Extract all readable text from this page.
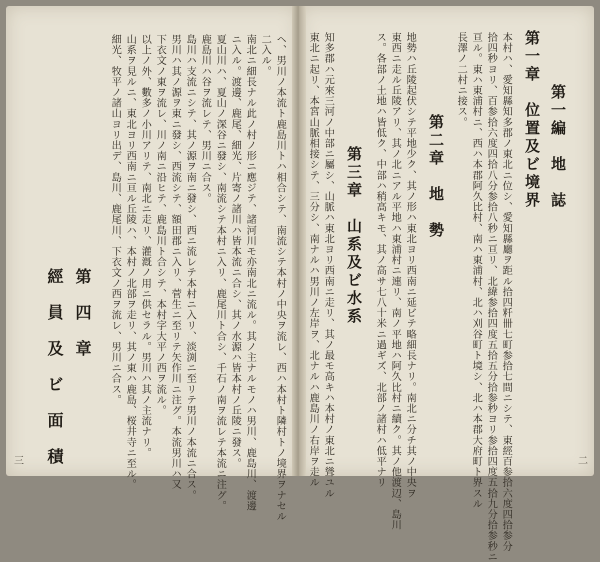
第一編　地　誌
第一章　位置及ビ境界
本村ハ、愛知縣知多郡ノ東北ニ位シ、愛知縣廳ヲ距ル拾四粁卌七町参拾七間ニシテ、東經百参拾六度四拾参分
拾四秒ヨリ、百参拾六度四拾八分参拾八秒ニ亘リ、北緯参拾四度五拾五分拾参秒ヨリ参拾四度五拾九分拾参秒ニ
亘ル。東ハ東浦村ニ、西ハ本郡阿久比村、南ハ東浦村、北ハ刈谷町ト境シ、北ハ本郡大府町ト界スル
長澤ノ二村ニ接ス。
第二章　地　勢
地勢ハ丘陵起伏シテ平地少ク、其ノ形ハ東北ヨリ西南ニ延ビテ略細長ナリ。南北ニ分チ其ノ中央ヲ
東西ニ走ル丘陵アリ、其ノ北ニアル平地ハ東浦村ニ連リ、南ノ平地ハ阿久比村ニ續ク。其ノ他渡辺、島川
ス。各部ノ土地ハ皆低ク、中部ハ稍高キモ、其ノ高サ七八十米ニ過ギズ、北部ノ諸村ハ低平ナリ
第三章　山系及ビ水系
知多郡ハ元來三河ノ中部ニ屬シ、山脈ハ東北ヨリ西南ニ走リ、其ノ最モ高キハ本村ノ東北ニ聳ユル
東北ニ起リ、本宮山脈相接シテ、三分シ、南ナルハ男川ノ左岸ヲ、北ナルハ鹿島川ノ右岸ヲ走ル	二
ヘ、男川ノ本流ト鹿島川トハ相合シテ、南流シテ本村ノ中央ヲ流レ、西ハ本村ト隣村トノ境界ヲナセル
二入ル。
南北ニ細長ナル此ノ村ノ形ニ應ジテ、諸河川モ亦南北ニ流ル。其ノ主ナルモノハ男川、鹿島川、渡邊
ニ入ル。渡邊、鹿尾、細光、片寄ノ諸川ハ皆本流ニ合シ、其ノ水源ハ皆本村ノ丘陵ニ發ス。
夏山川ハ、夏山ノ深谷ニ發シ、南流シテ本村ニ入リ、鹿尾川ト合シ、千石ノ南ヲ流レテ本流ニ注グ。
鹿島川ハ谷ヲ流レテ、男川ニ合ス。
島川ハ支流ニシテ、其ノ源ヲ南ニ發シ、西ニ流レテ本村ニ入リ、淡渕ニ至リテ男川ノ本流ニ合ス。
男川ハ其ノ源ヲ東ニ發シ、西流シテ、額田郡ニ入リ、菅生ニ至リテ矢作川ニ注グ。本流男川ハ又
下衣文ノ東ヲ流レ、川ノ南ニ沿ヒテ、鹿島川ト合シテ、本村字大平ノ西ヲ流ル。
以上ノ外、數多ノ小川アリテ、南北ニ走リ、灌漑ノ用ニ供セラル。男川ハ其ノ主流ナリ。
山系ヲ見ルニ、東北ヨリ西南ニ亘ル丘陵ハ、本村ノ北部ヲ走リ、其ノ東ハ鹿島、桜井寺ニ至ル。
細光、牧平ノ諸山ヨリ出デ、島川、鹿尾川、下衣文ノ西ヲ流レ、男川ニ合ス。
第　四　章
經　員　及　ビ　面　積
三
